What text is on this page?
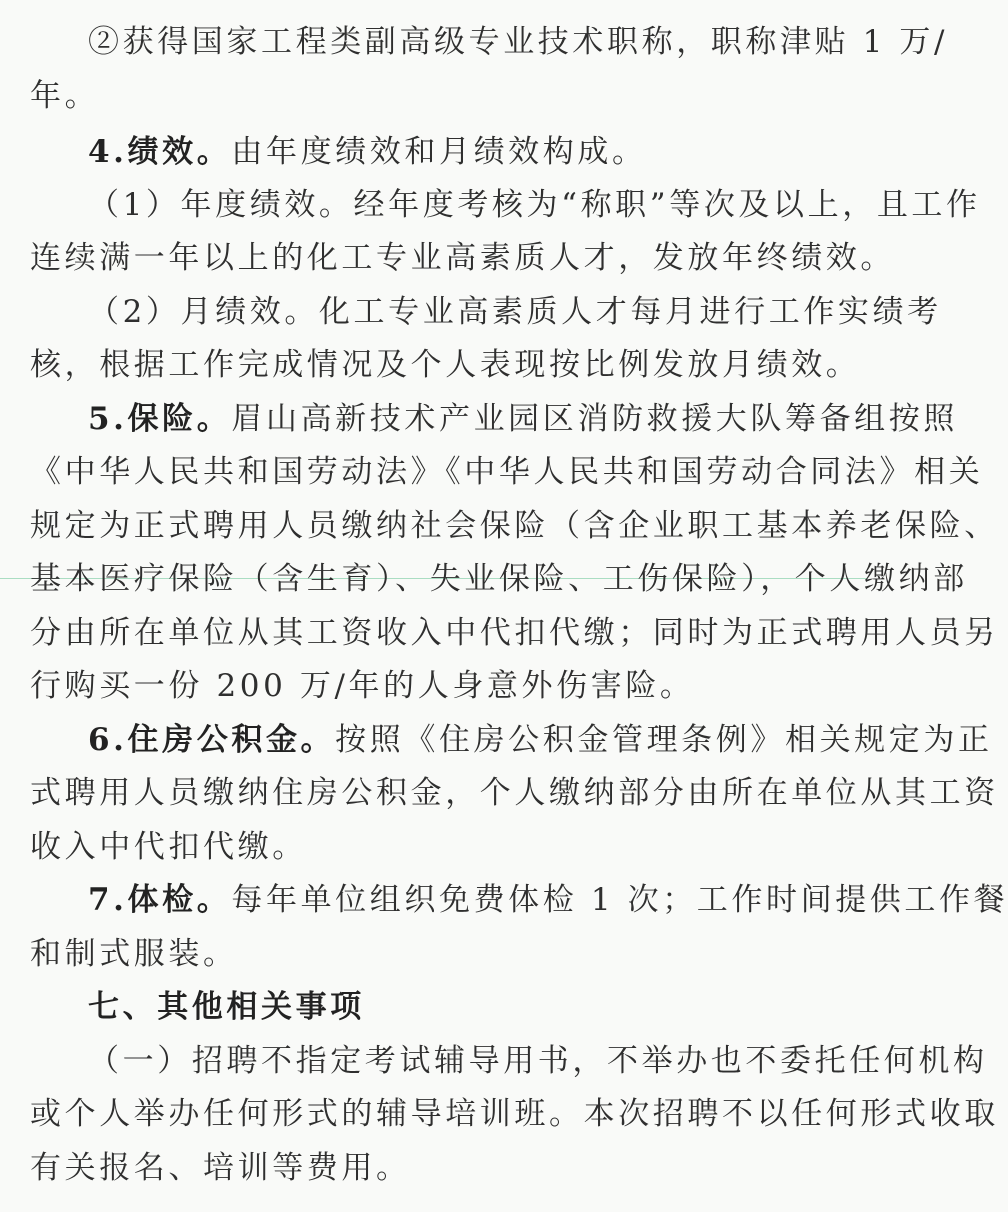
②获得国家工程类副高级专业技术职称，职称津贴 1 万/
年。
4.绩效。由年度绩效和月绩效构成。
（1）年度绩效。经年度考核为“称职”等次及以上，且工作
连续满一年以上的化工专业高素质人才，发放年终绩效。
（2）月绩效。化工专业高素质人才每月进行工作实绩考
核，根据工作完成情况及个人表现按比例发放月绩效。
5.保险。眉山高新技术产业园区消防救援大队筹备组按照
《中华人民共和国劳动法》《中华人民共和国劳动合同法》相关
规定为正式聘用人员缴纳社会保险（含企业职工基本养老保险、
基本医疗保险（含生育）、失业保险、工伤保险），个人缴纳部
分由所在单位从其工资收入中代扣代缴；同时为正式聘用人员另
行购买一份 200 万/年的人身意外伤害险。
6.住房公积金。按照《住房公积金管理条例》相关规定为正
式聘用人员缴纳住房公积金，个人缴纳部分由所在单位从其工资
收入中代扣代缴。
7.体检。每年单位组织免费体检 1 次；工作时间提供工作餐
和制式服装。
七、其他相关事项
（一）招聘不指定考试辅导用书，不举办也不委托任何机构
或个人举办任何形式的辅导培训班。本次招聘不以任何形式收取
有关报名、培训等费用。
